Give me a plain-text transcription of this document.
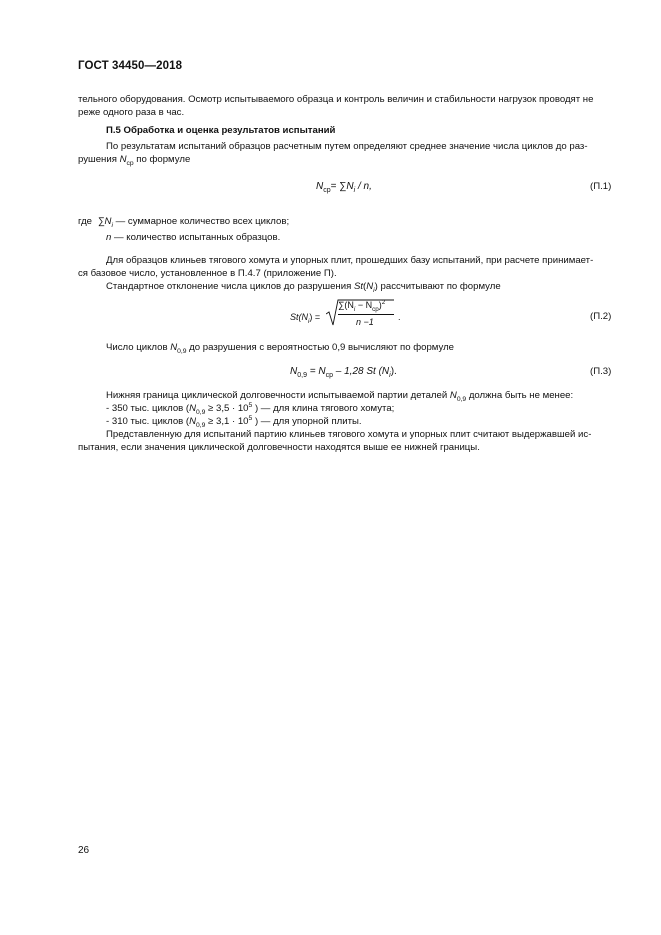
ГОСТ 34450—2018
тельного оборудования. Осмотр испытываемого образца и контроль величин и стабильности нагрузок проводят не
реже одного раза в час.
П.5 Обработка и оценка результатов испытаний
По результатам испытаний образцов расчетным путем определяют среднее значение числа циклов до раз-
рушения $N_{ср}$ по формуле
$N_{ср}= \sum N_i / n$,	(П.1)
где $\sum N_i$ — суммарное количество всех циклов;
n — количество испытанных образцов.
Для образцов клиньев тягового хомута и упорных плит, прошедших базу испытаний, при расчете принимает-
ся базовое число, установленное в П.4.7 (приложение П).
Стандартное отклонение числа циклов до разрушения $St(N_i)$ рассчитывают по формуле
$St(N_i)$ =
$\sum(N_i - N_{ср})^2$
n −1	.	(П.2)
Число циклов $N_{0,9}$ до разрушения с вероятностью 0,9 вычисляют по формуле
$N_{0,9} = N_{ср} - 1,28$ St $(N_i)$.	(П.3)
Нижняя граница циклической долговечности испытываемой партии деталей $N_{0,9}$ должна быть не менее:
- 350 тыс. циклов ($N_{0,9} \ge 3,5 \cdot 10^5$ ) — для клина тягового хомута;
- 310 тыс. циклов ($N_{0,9} \ge 3,1 \cdot 10^5$ ) — для упорной плиты.
Представленную для испытаний партию клиньев тягового хомута и упорных плит считают выдержавшей ис-
пытания, если значения циклической долговечности находятся выше ее нижней границы.
26
